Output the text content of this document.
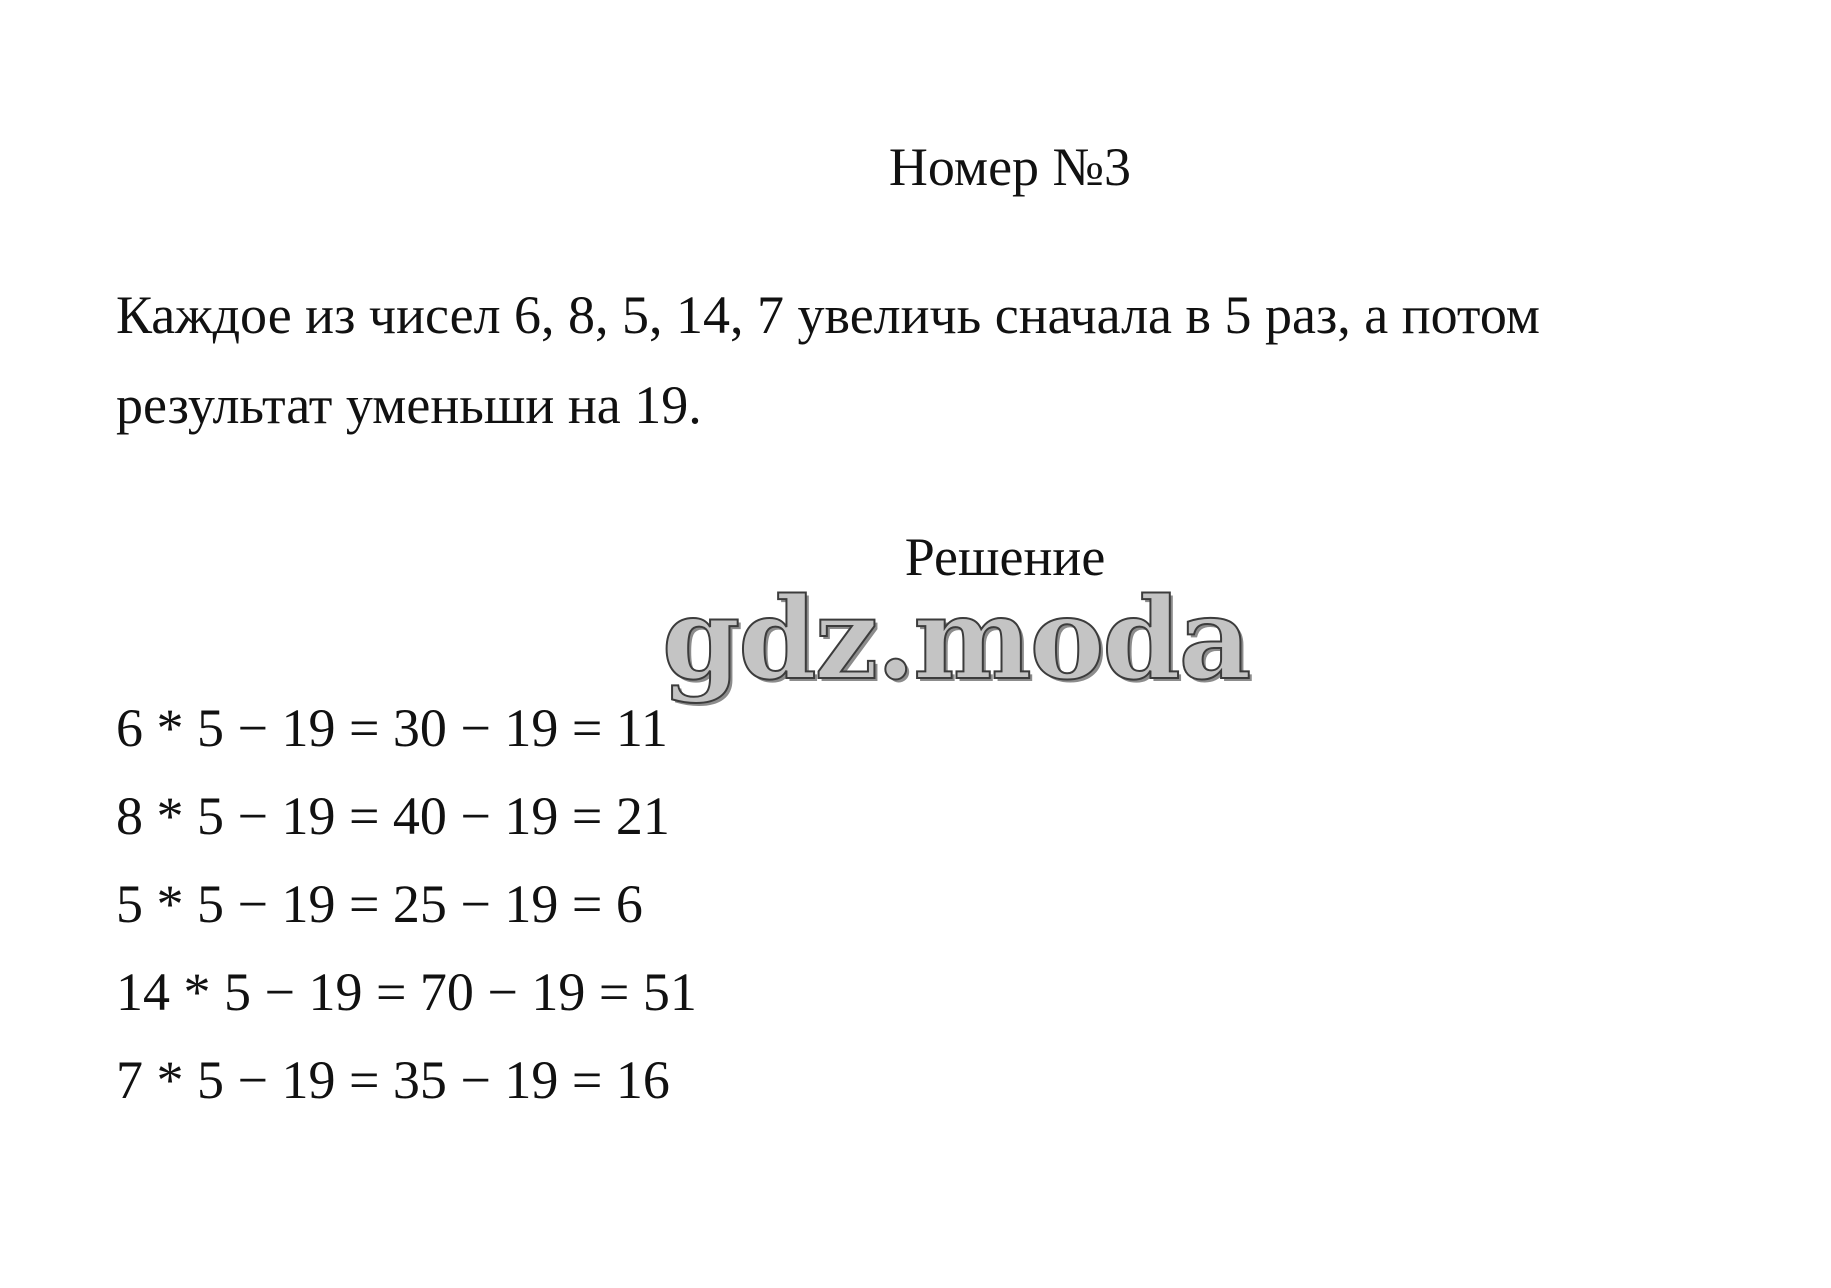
Номер №3

Каждое из чисел 6, 8, 5, 14, 7 увеличь сначала в 5 раз, а потом
результат уменьши на 19.

Решение
gdz.moda
6 * 5 − 19 = 30 − 19 = 11
8 * 5 − 19 = 40 − 19 = 21
5 * 5 − 19 = 25 − 19 = 6
14 * 5 − 19 = 70 − 19 = 51
7 * 5 − 19 = 35 − 19 = 16
